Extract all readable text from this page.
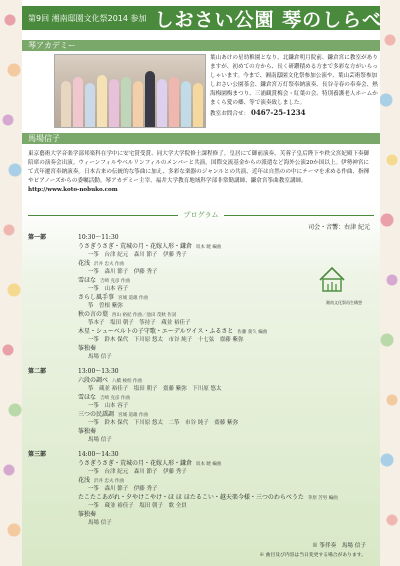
第9回 湘南邸園文化祭2014 参加 しおさい公園 琴のしらべ
琴アカデミー

葉山あけの星幼稚園となり、北鎌倉明月院前、鎌倉宮に教室がありますが、初めての方から、長く研鑽積める方まで多彩な方がいらっしゃいます。今まで、湘南邸園文化祭参加公演や、葉山芸術祭参加しおさい公園茶会、鎌倉宮万灯祭奉納演奏、長谷寺春の奉奏会、熱海梅園梅まつり、三浦観賞梅会・紅葉の会、特別養護老人ホームかまくら愛の郷、等で演奏致しました。

教室お問合せ： 0467-25-1234

馬場信子

東京藝術大学音楽学部邦楽科在学中に安宅賞受賞、同大学大学院修士課程修了。皇居にて御前演奏、芙蓉子皇后陛下や秩父宮妃殿下奏御陪席の演奏会出演。ウィーンフィルやベルリンフィルのメンバーと共演。国際交流基金からの派遣など海外公演20か国以上。伊勢神宮にて式年遷宮奉納演奏。日本古来の伝統的な筝曲に加え、多彩な楽器のジャンルとの共演、近年は自然のの中にテーマを求める作曲、指揮やピアノーズからの委嘱活動。琴アカデミー主宰、福井大学教育地域科学部非常勤講師、鎌倉宮筝曲教室講師。

http://www.koto-nobuko.com

プログラム
司会・音響：右津 紀元
第一部	10:30～11:30
うさぎうさぎ・荒城の月・花嫁人形・鎌倉 坂本 暁 編曲
一筝　台津 紀元　森川 節子　伊藤 秀子
花浅 沢井 忠夫 作曲
一筝　森川 節子　伊藤 秀子
雪ほな 吉崎 克彦 作曲
一筝　山本 容子
さらし風手事 宮城 道雄 作曲
筝　曽根 紫弥
秋の言の葉 西山 裕紀 作曲／池田 茂秋 作詞
筝本子　塩田 朝子　筝持子　蔵並 裕佳子
木星・シューベルトの子守歌・エーデルワイス・ふるさと 佐藤 義久 編曲
一筝　鈴木 保代　下川原 悠太　市谷 純子　十七弦　齋藤 紫弥
筝独奏
馬場 信子
第二部	13:00～13:30
六段の調べ 八橋 検校 作曲
筝　蔵並 裕佳子　塩田 朝子　齋藤 紫弥　下川原 悠太
雪ほな 吉崎 克彦 作曲
一筝　山本 容子
三つの民謡調 宮城 道雄 作曲
一筝　鈴木 保代　下川原 悠太　二筝　市谷 純子　齋藤 紫弥
筝独奏
馬場 信子
第三部	14:00～14:30
うさぎうさぎ・荒城の月・花嫁人形・鎌倉 坂本 暁 編曲
一筝　台津 紀元　森川 節子　伊藤 秀子
花浅 沢井 忠夫 作曲
一筝　森川 節子　伊藤 秀子
たこたこあがれ・夕やけこやけ・ほ ほ ほたるこい・越天楽今様・三つのわらべうた 茅原 芳男 編曲
一筝　蔵並 裕佳子　塩田 朝子　歌 全員
筝独奏
馬場 信子
湘南文化祭再生構想
※ 筝伴奏　馬場 信子
※ 曲目及び内容は当日変更する場合があります。
